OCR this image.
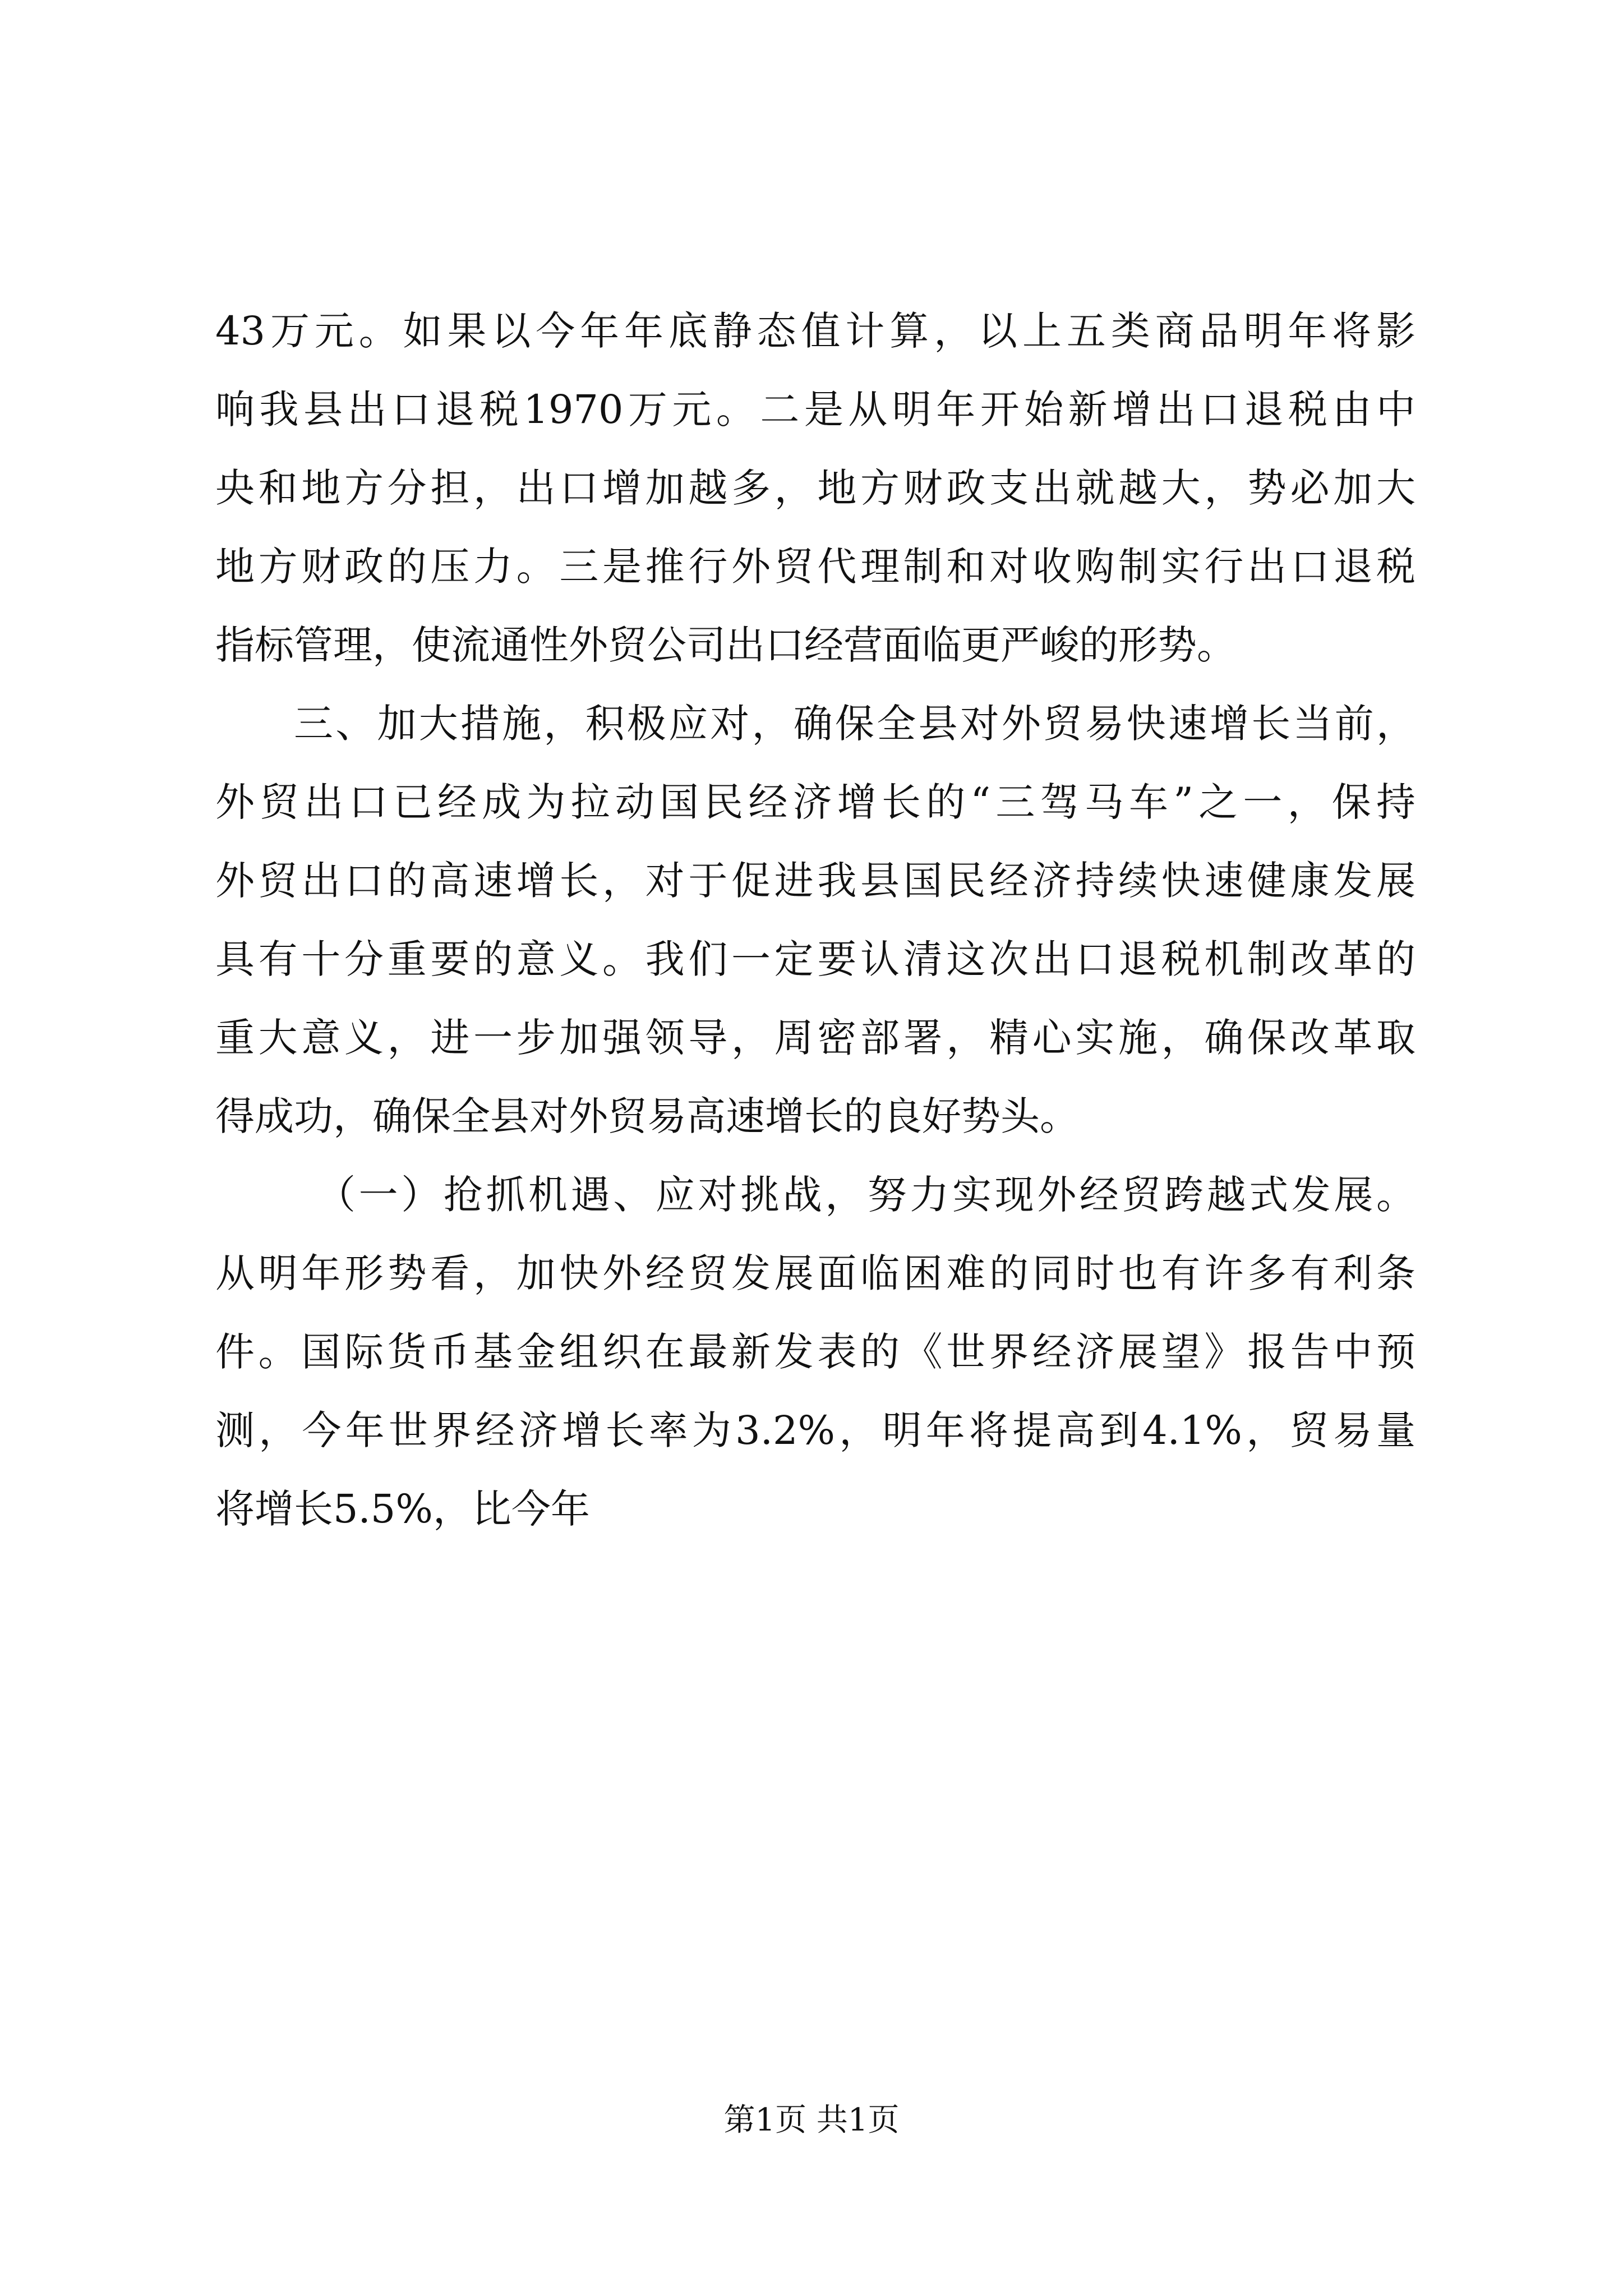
43万元。如果以今年年底静态值计算，以上五类商品明年将影
响我县出口退税1970万元。二是从明年开始新增出口退税由中
央和地方分担，出口增加越多，地方财政支出就越大，势必加大
地方财政的压力。三是推行外贸代理制和对收购制实行出口退税
指标管理，使流通性外贸公司出口经营面临更严峻的形势。
三、加大措施，积极应对，确保全县对外贸易快速增长当前，
外贸出口已经成为拉动国民经济增长的“三驾马车”之一，保持
外贸出口的高速增长，对于促进我县国民经济持续快速健康发展
具有十分重要的意义。我们一定要认清这次出口退税机制改革的
重大意义，进一步加强领导，周密部署，精心实施，确保改革取
得成功，确保全县对外贸易高速增长的良好势头。
（一）抢抓机遇、应对挑战，努力实现外经贸跨越式发展。
从明年形势看，加快外经贸发展面临困难的同时也有许多有利条
件。国际货币基金组织在最新发表的《世界经济展望》报告中预
测，今年世界经济增长率为3.2%，明年将提高到4.1%，贸易量
将增长5.5%，比今年
第1页 共1页
